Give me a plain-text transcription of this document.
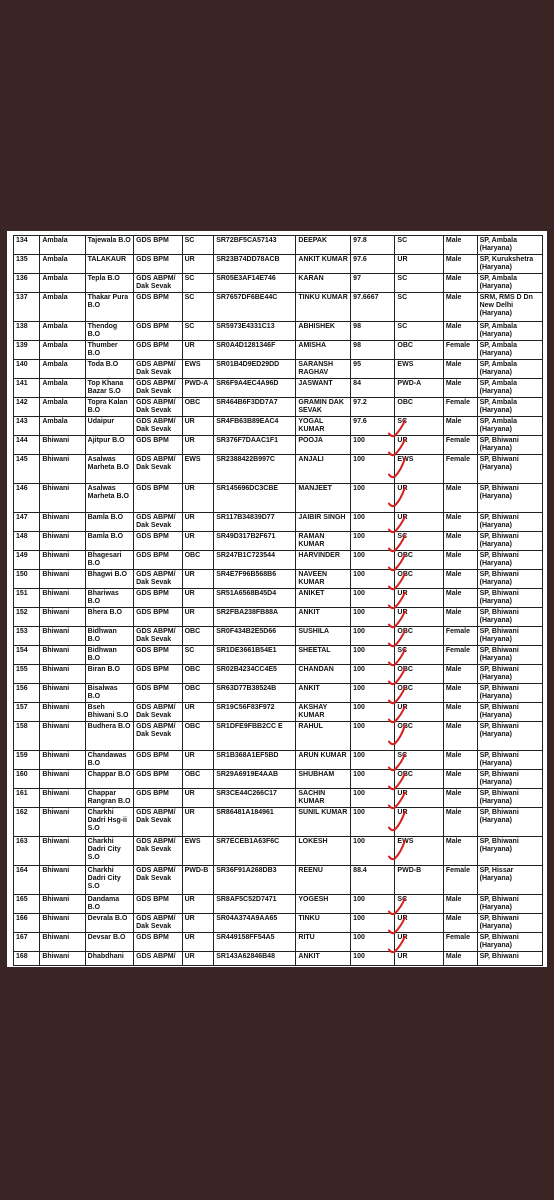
134	Ambala	Tajewala B.O	GDS BPM	SC	SR72BF5CA57143	DEEPAK	97.8	SC	Male	SP, Ambala (Haryana)
135	Ambala	TALAKAUR	GDS BPM	UR	SR23B74DD78ACB	ANKIT KUMAR	97.6	UR	Male	SP, Kurukshetra (Haryana)
136	Ambala	Tepla B.O	GDS ABPM/ Dak Sevak	SC	SR05E3AF14E746	KARAN	97	SC	Male	SP, Ambala (Haryana)
137	Ambala	Thakar Pura B.O	GDS BPM	SC	SR7657DF6BE44C	TINKU KUMAR	97.6667	SC	Male	SRM, RMS D Dn New Delhi (Haryana)
138	Ambala	Thendog B.O	GDS BPM	SC	SR5973E4331C13	ABHISHEK	98	SC	Male	SP, Ambala (Haryana)
139	Ambala	Thumber B.O	GDS BPM	UR	SR0A4D1281346F	AMISHA	98	OBC	Female	SP, Ambala (Haryana)
140	Ambala	Toda B.O	GDS ABPM/ Dak Sevak	EWS	SR01B4D9ED29DD	SARANSH RAGHAV	95	EWS	Male	SP, Ambala (Haryana)
141	Ambala	Top Khana Bazar S.O	GDS ABPM/ Dak Sevak	PWD-A	SR6F9A4EC4A96D	JASWANT	84	PWD-A	Male	SP, Ambala (Haryana)
142	Ambala	Topra Kalan B.O	GDS ABPM/ Dak Sevak	OBC	SR464B6F3DD7A7	GRAMIN DAK SEVAK	97.2	OBC	Female	SP, Ambala (Haryana)
143	Ambala	Udaipur	GDS ABPM/ Dak Sevak	UR	SR4FB63B89EAC4	YOGAL KUMAR	97.6	SC	Male	SP, Ambala (Haryana)
144	Bhiwani	Ajitpur B.O	GDS BPM	UR	SR376F7DAAC1F1	POOJA	100	UR	Female	SP, Bhiwani (Haryana)
145	Bhiwani	Asalwas Marheta B.O	GDS ABPM/ Dak Sevak	EWS	SR2388422B997C	ANJALI	100	EWS	Female	SP, Bhiwani (Haryana)
146	Bhiwani	Asalwas Marheta B.O	GDS BPM	UR	SR145696DC3CBE	MANJEET	100	UR	Male	SP, Bhiwani (Haryana)
147	Bhiwani	Bamla B.O	GDS ABPM/ Dak Sevak	UR	SR117B34839D77	JAIBIR SINGH	100	UR	Male	SP, Bhiwani (Haryana)
148	Bhiwani	Bamla B.O	GDS BPM	UR	SR49D317B2F671	RAMAN KUMAR	100	SC	Male	SP, Bhiwani (Haryana)
149	Bhiwani	Bhagesari B.O	GDS BPM	OBC	SR247B1C723544	HARVINDER	100	OBC	Male	SP, Bhiwani (Haryana)
150	Bhiwani	Bhagwi B.O	GDS ABPM/ Dak Sevak	UR	SR4E7F96B568B6	NAVEEN KUMAR	100	OBC	Male	SP, Bhiwani (Haryana)
151	Bhiwani	Bhariwas B.O	GDS BPM	UR	SR51A6568B45D4	ANIKET	100	UR	Male	SP, Bhiwani (Haryana)
152	Bhiwani	Bhera B.O	GDS BPM	UR	SR2FBA238FB88A	ANKIT	100	UR	Male	SP, Bhiwani (Haryana)
153	Bhiwani	Bidhwan B.O	GDS ABPM/ Dak Sevak	OBC	SR0F434B2E5D66	SUSHILA	100	OBC	Female	SP, Bhiwani (Haryana)
154	Bhiwani	Bidhwan B.O	GDS BPM	SC	SR1DE3661B54E1	SHEETAL	100	SC	Female	SP, Bhiwani (Haryana)
155	Bhiwani	Biran B.O	GDS BPM	OBC	SR02B4234CC4E5	CHANDAN	100	OBC	Male	SP, Bhiwani (Haryana)
156	Bhiwani	Bisalwas B.O	GDS BPM	OBC	SR63D77B38524B	ANKIT	100	OBC	Male	SP, Bhiwani (Haryana)
157	Bhiwani	Bseh Bhiwani S.O	GDS ABPM/ Dak Sevak	UR	SR19C56F83F972	AKSHAY KUMAR	100	UR	Male	SP, Bhiwani (Haryana)
158	Bhiwani	Budhera B.O	GDS ABPM/ Dak Sevak	OBC	SR1DFE9FBB2CC E	RAHUL	100	OBC	Male	SP, Bhiwani (Haryana)
159	Bhiwani	Chandawas B.O	GDS BPM	UR	SR1B368A1EF5BD	ARUN KUMAR	100	SC	Male	SP, Bhiwani (Haryana)
160	Bhiwani	Chappar B.O	GDS BPM	OBC	SR29A6919E4AAB	SHUBHAM	100	OBC	Male	SP, Bhiwani (Haryana)
161	Bhiwani	Chappar Rangran B.O	GDS BPM	UR	SR3CE44C266C17	SACHIN KUMAR	100	UR	Male	SP, Bhiwani (Haryana)
162	Bhiwani	Charkhi Dadri Hsg-ii S.O	GDS ABPM/ Dak Sevak	UR	SR86481A184961	SUNIL KUMAR	100	UR	Male	SP, Bhiwani (Haryana)
163	Bhiwani	Charkhi Dadri City S.O	GDS ABPM/ Dak Sevak	EWS	SR7ECEB1A63F6C	LOKESH	100	EWS	Male	SP, Bhiwani (Haryana)
164	Bhiwani	Charkhi Dadri City S.O	GDS ABPM/ Dak Sevak	PWD-B	SR36F91A268DB3	REENU	88.4	PWD-B	Female	SP, Hissar (Haryana)
165	Bhiwani	Dandama B.O	GDS BPM	UR	SR8AF5C52D7471	YOGESH	100	SC	Male	SP, Bhiwani (Haryana)
166	Bhiwani	Devrala B.O	GDS ABPM/ Dak Sevak	UR	SR04A374A9AA65	TINKU	100	UR	Male	SP, Bhiwani (Haryana)
167	Bhiwani	Devsar B.O	GDS BPM	UR	SR449158FF54A5	RITU	100	UR	Female	SP, Bhiwani (Haryana)
168	Bhiwani	Dhabdhani	GDS ABPM/	UR	SR143A62846B48	ANKIT	100	UR	Male	SP, Bhiwani
